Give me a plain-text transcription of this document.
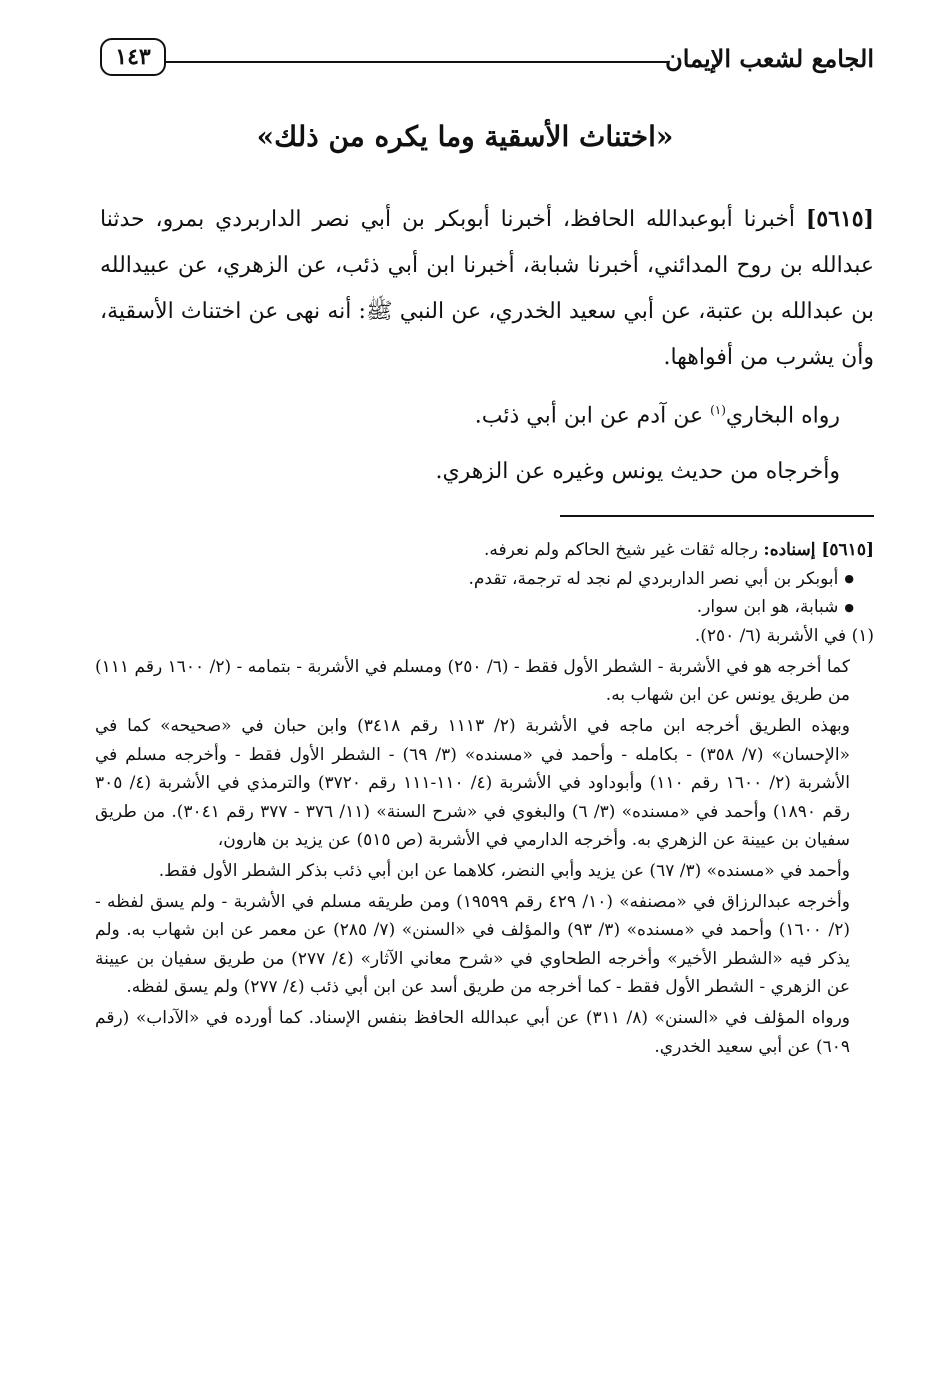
الجامع لشعب الإيمان
١٤٣
«اختناث الأسقية وما يكره من ذلك»

[٥٦١٥] أخبرنا أبوعبدالله الحافظ، أخبرنا أبوبكر بن أبي نصر الداربردي بمرو، حدثنا عبدالله بن روح المدائني، أخبرنا شبابة، أخبرنا ابن أبي ذئب، عن الزهري، عن عبيدالله بن عبدالله بن عتبة، عن أبي سعيد الخدري، عن النبي ﷺ: أنه نهى عن اختناث الأسقية، وأن يشرب من أفواهها.

رواه البخاري$^{(١)}$ عن آدم عن ابن أبي ذئب.

وأخرجاه من حديث يونس وغيره عن الزهري.

[٥٦١٥] إسناده: رجاله ثقات غير شيخ الحاكم ولم نعرفه.

● أبوبكر بن أبي نصر الداربردي لم نجد له ترجمة، تقدم.

● شبابة، هو ابن سوار.

(١) في الأشربة (٦/ ٢٥٠).

كما أخرجه هو في الأشربة - الشطر الأول فقط - (٦/ ٢٥٠) ومسلم في الأشربة - بتمامه - (٢/ ١٦٠٠ رقم ١١١) من طريق يونس عن ابن شهاب به.

وبهذه الطريق أخرجه ابن ماجه في الأشربة (٢/ ١١١٣ رقم ٣٤١٨) وابن حبان في «صحيحه» كما في «الإحسان» (٧/ ٣٥٨) - بكامله - وأحمد في «مسنده» (٣/ ٦٩) - الشطر الأول فقط - وأخرجه مسلم في الأشربة (٢/ ١٦٠٠ رقم ١١٠) وأبوداود في الأشربة (٤/ ١١٠-١١١ رقم ٣٧٢٠) والترمذي في الأشربة (٤/ ٣٠٥ رقم ١٨٩٠) وأحمد في «مسنده» (٣/ ٦) والبغوي في «شرح السنة» (١١/ ٣٧٦ - ٣٧٧ رقم ٣٠٤١). من طريق سفيان بن عيينة عن الزهري به. وأخرجه الدارمي في الأشربة (ص ٥١٥) عن يزيد بن هارون،

وأحمد في «مسنده» (٣/ ٦٧) عن يزيد وأبي النضر، كلاهما عن ابن أبي ذئب بذكر الشطر الأول فقط.

وأخرجه عبدالرزاق في «مصنفه» (١٠/ ٤٢٩ رقم ١٩٥٩٩) ومن طريقه مسلم في الأشربة - ولم يسق لفظه - (٢/ ١٦٠٠) وأحمد في «مسنده» (٣/ ٩٣) والمؤلف في «السنن» (٧/ ٢٨٥) عن معمر عن ابن شهاب به. ولم يذكر فيه «الشطر الأخير» وأخرجه الطحاوي في «شرح معاني الآثار» (٤/ ٢٧٧) من طريق سفيان بن عيينة عن الزهري - الشطر الأول فقط - كما أخرجه من طريق أسد عن ابن أبي ذئب (٤/ ٢٧٧) ولم يسق لفظه.

ورواه المؤلف في «السنن» (٨/ ٣١١) عن أبي عبدالله الحافظ بنفس الإسناد. كما أورده في «الآداب» (رقم ٦٠٩) عن أبي سعيد الخدري.
